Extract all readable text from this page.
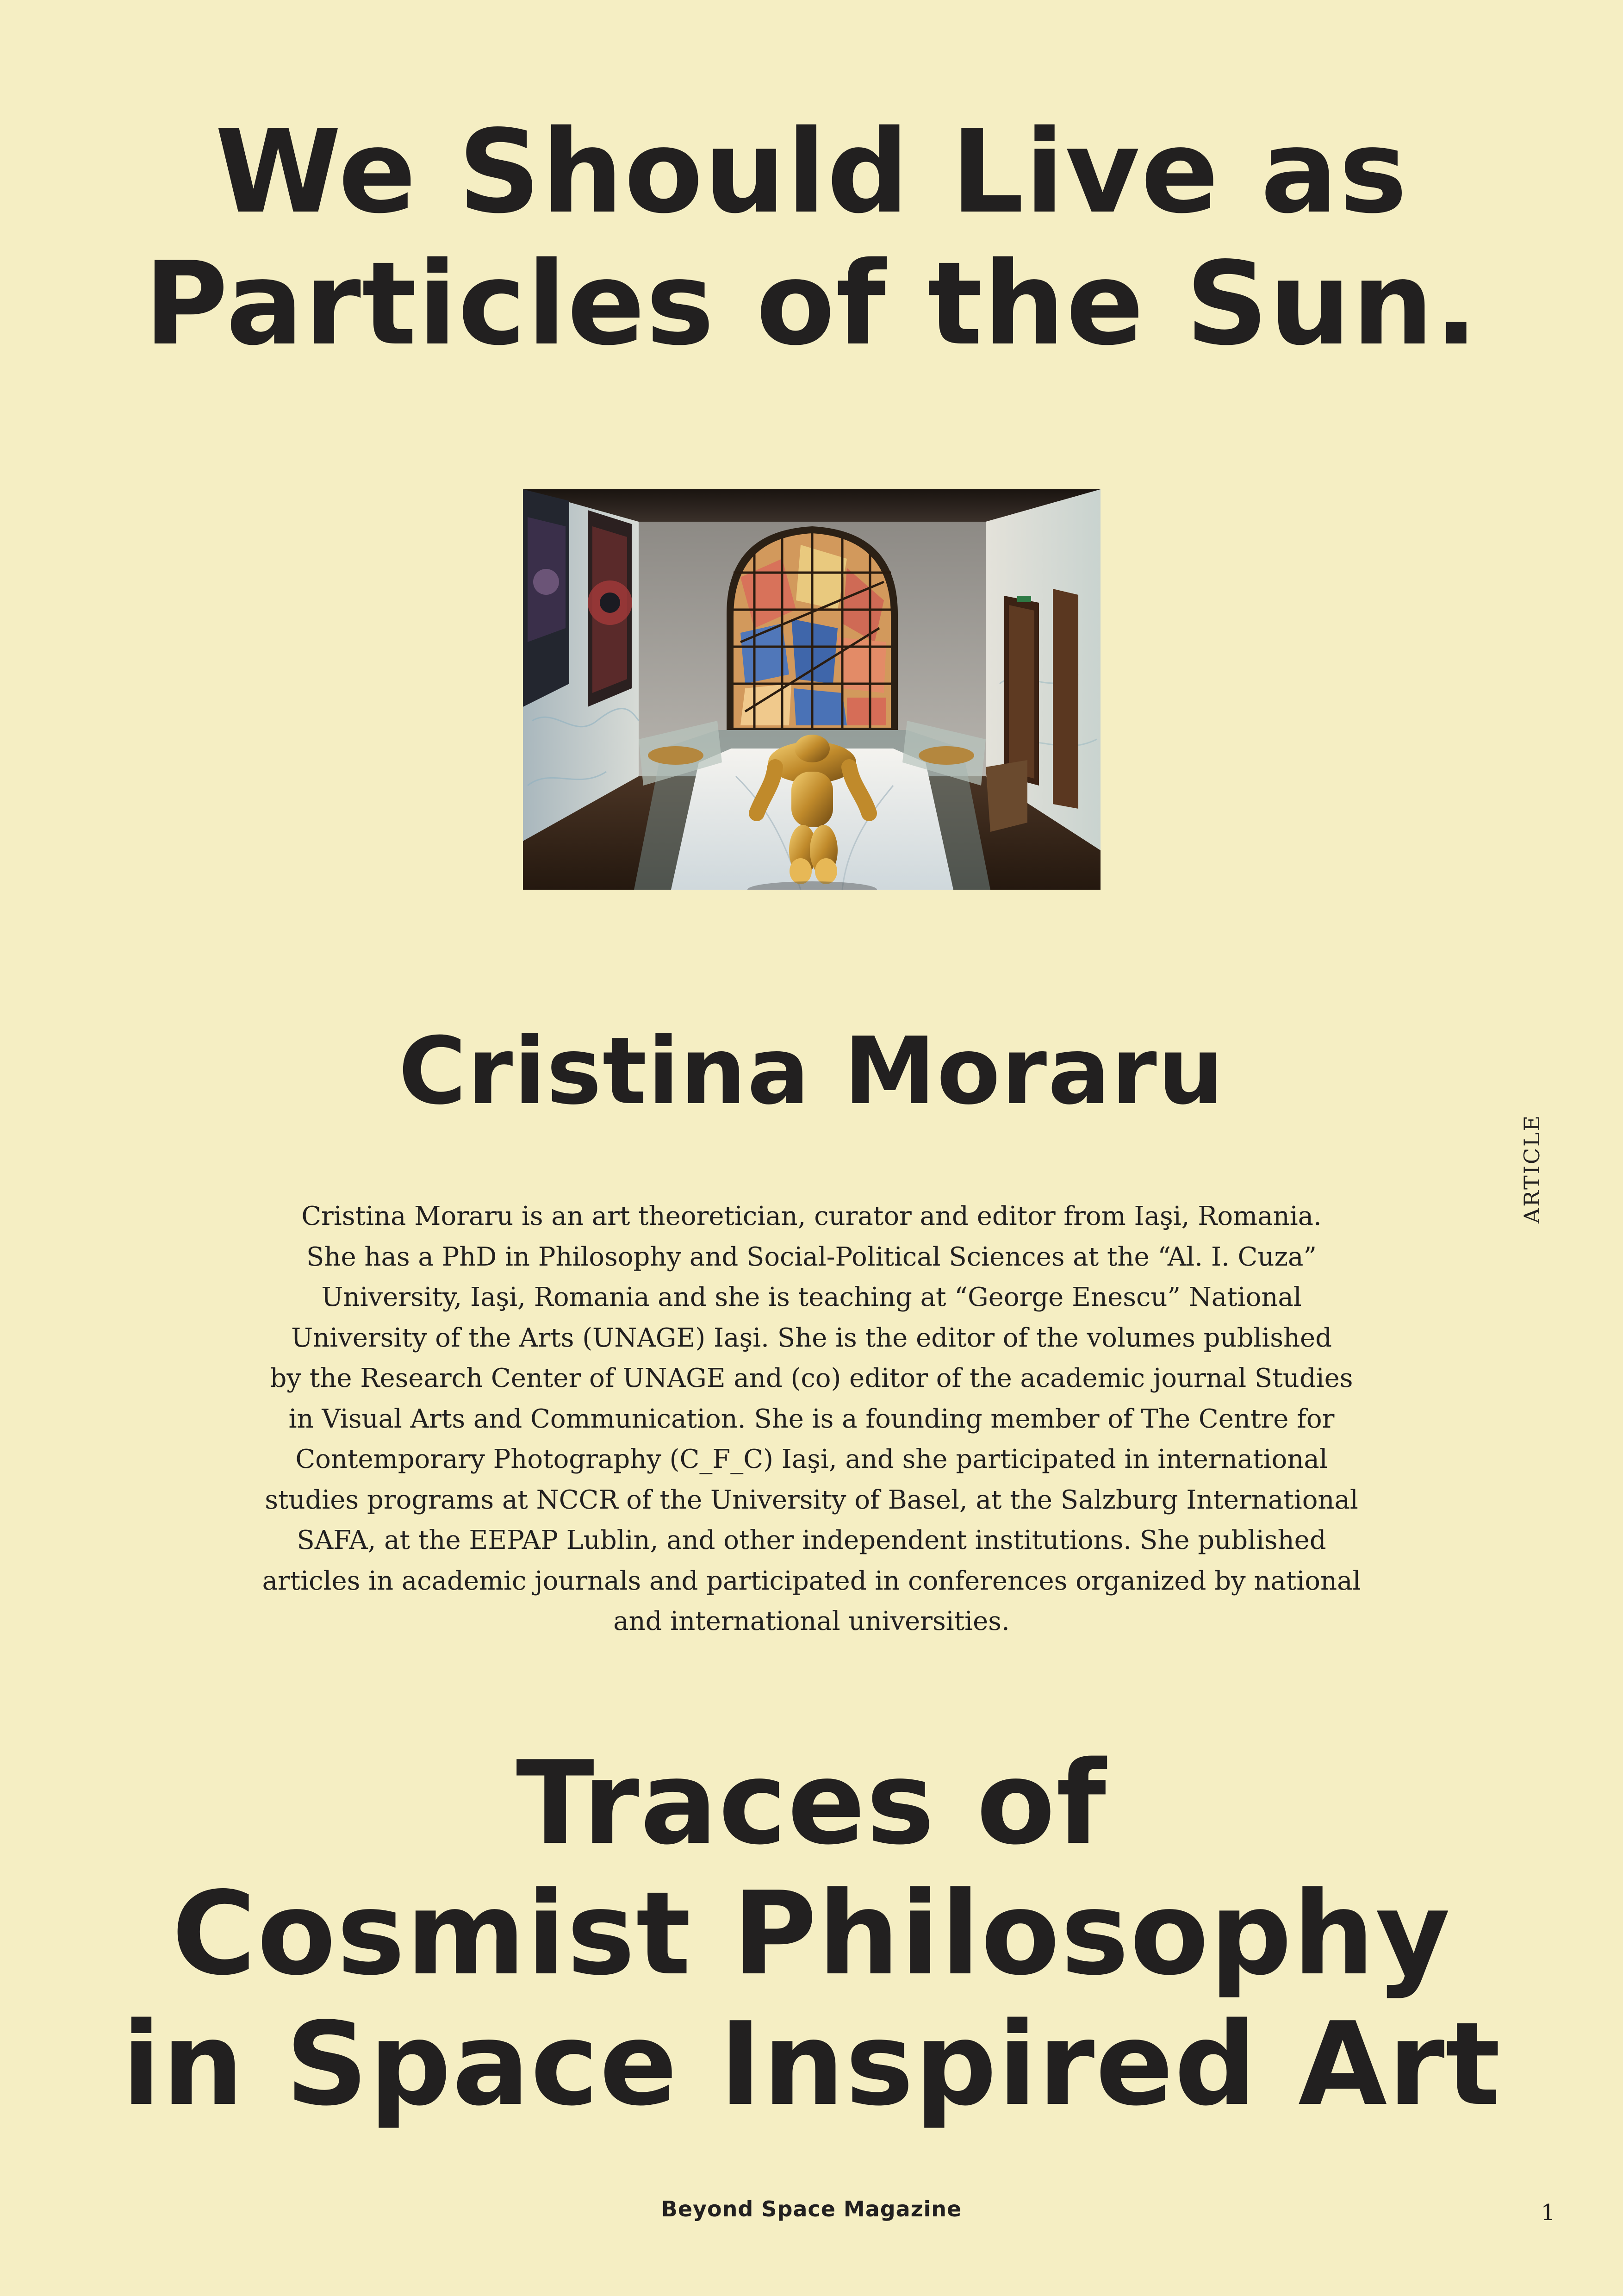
We Should Live as
Particles of the Sun.
Cristina Moraru

Cristina Moraru is an art theoretician, curator and editor from Iaşi, Romania.
She has a PhD in Philosophy and Social-Political Sciences at the “Al. I. Cuza”
University, Iaşi, Romania and she is teaching at “George Enescu” National
University of the Arts (UNAGE) Iaşi. She is the editor of the volumes published
by the Research Center of UNAGE and (co) editor of the academic journal Studies
in Visual Arts and Communication. She is a founding member of The Centre for
Contemporary Photography (C_F_C) Iaşi, and she participated in international
studies programs at NCCR of the University of Basel, at the Salzburg International
SAFA, at the EEPAP Lublin, and other independent institutions. She published
articles in academic journals and participated in conferences organized by national
and international universities.

Traces of
Cosmist Philosophy
in Space Inspired Art
ARTICLE
Beyond Space Magazine	1
